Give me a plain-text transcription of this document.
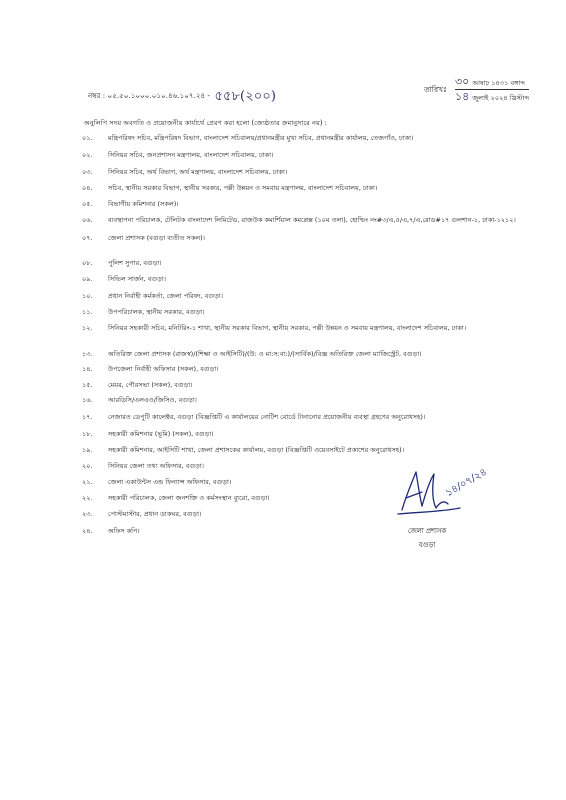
নম্বর : ০৫.৫০.১০০০.০১০.৪৬.১০৭.২৪ - ৫৫৮(২০০)	তারিখঃ
৩০ আষাঢ় ১৪৩১ বঙ্গাব্দ
১৪ জুলাই ২০২৪ খ্রিস্টাব্দ
অনুলিপি সদয় অবগতি ও প্রয়োজনীয় কার্যার্থে প্রেরণ করা হলো (জ্যেষ্ঠতার ক্রমানুসারে নয়) :
০১.	মন্ত্রিপরিষদ সচিব, মন্ত্রিপরিষদ বিভাগ, বাংলাদেশ সচিবালয়/প্রধানমন্ত্রীর মুখ্য সচিব, প্রধানমন্ত্রীর কার্যালয়, তেজগাঁও, ঢাকা।
০২.	সিনিয়র সচিব, জনপ্রশাসন মন্ত্রণালয়, বাংলাদেশ সচিবালয়, ঢাকা।
০৩.	সিনিয়র সচিব, অর্থ বিভাগ, অর্থ মন্ত্রণালয়, বাংলাদেশ সচিবালয়, ঢাকা।
০৪.	সচিব, স্থানীয় সরকার বিভাগ, স্থানীয় সরকার, পল্লী উন্নয়ন ও সমবায় মন্ত্রণালয়, বাংলাদেশ সচিবালয়, ঢাকা।
০৫.	বিভাগীয় কমিশনার (সকল)।
০৬.	ব্যবস্থাপনা পরিচালক, টেলিটক বাংলাদেশ লিমিটেড, রাজউক কমার্শিয়াল কমপ্লেক্স (১০ম তলা), হোল্ডিং নং#৩/এ,৫/এ,৭/এ,রোড#১৭ গুলশান-১, ঢাকা-১২১২।
০৭.	জেলা প্রশাসক (বগুড়া ব্যতীত সকল)।
০৮.	পুলিশ সুপার, বগুড়া।
০৯.	সিভিল সার্জন, বগুড়া।
১০.	প্রধান নির্বাহী কর্মকর্তা, জেলা পরিষদ, বগুড়া।
১১.	উপপরিচালক, স্থানীয় সরকার, বগুড়া।
১২.	সিনিয়র সহকারী সচিব, মনিটরিং-১ শাখা, স্থানীয় সরকার বিভাগ, স্থানীয় সরকার, পল্লী উন্নয়ন ও সমবায় মন্ত্রণালয়, বাংলাদেশ সচিবালয়, ঢাকা।
১৩.	অতিরিক্ত জেলা প্রশাসক (রাজস্ব)/(শিক্ষা ও আইসিটি)/(উ: ও মা:স:বা:)/(সার্বিক)/বিজ্ঞ অতিরিক্ত জেলা ম্যাজিস্ট্রেট, বগুড়া।
১৪.	উপজেলা নির্বাহী অফিসার (সকল), বগুড়া।
১৫.	মেয়র, পৌরসভা (সকল), বগুড়া।
১৬.	আরডিসি/এলএও/জিসিও, বগুড়া।
১৭.	নেজারত ডেপুটি কালেক্টর, বগুড়া (বিজ্ঞপ্তিটি এ কার্যালয়ের নোটিশ বোর্ডে টানানোর প্রয়োজনীয় ব্যবস্থা গ্রহণের অনুরোধসহ)।
১৮.	সহকারী কমিশনার (ভূমি) (সকল), বগুড়া।
১৯.	সহকারী কমিশনার, আইসিটি শাখা, জেলা প্রশাসকের কার্যালয়, বগুড়া (বিজ্ঞপ্তিটি ওয়েবসাইটে প্রকাশের অনুরোধসহ)।
২০.	সিনিয়র জেলা তথ্য অফিসার, বগুড়া।
২১.	জেলা একাউন্টস এন্ড ফিন্যান্স অফিসার, বগুড়া।
২২.	সহকারী পরিচালক, জেলা জনশক্তি ও কর্মসংস্থান ব্যুরো, বগুড়া।
২৩.	পোস্টমাস্টার, প্রধান ডাকঘর, বগুড়া।
২৪.	অফিস কপি।
১৪/০৭/২৪
জেলা প্রশাসক
বগুড়া
